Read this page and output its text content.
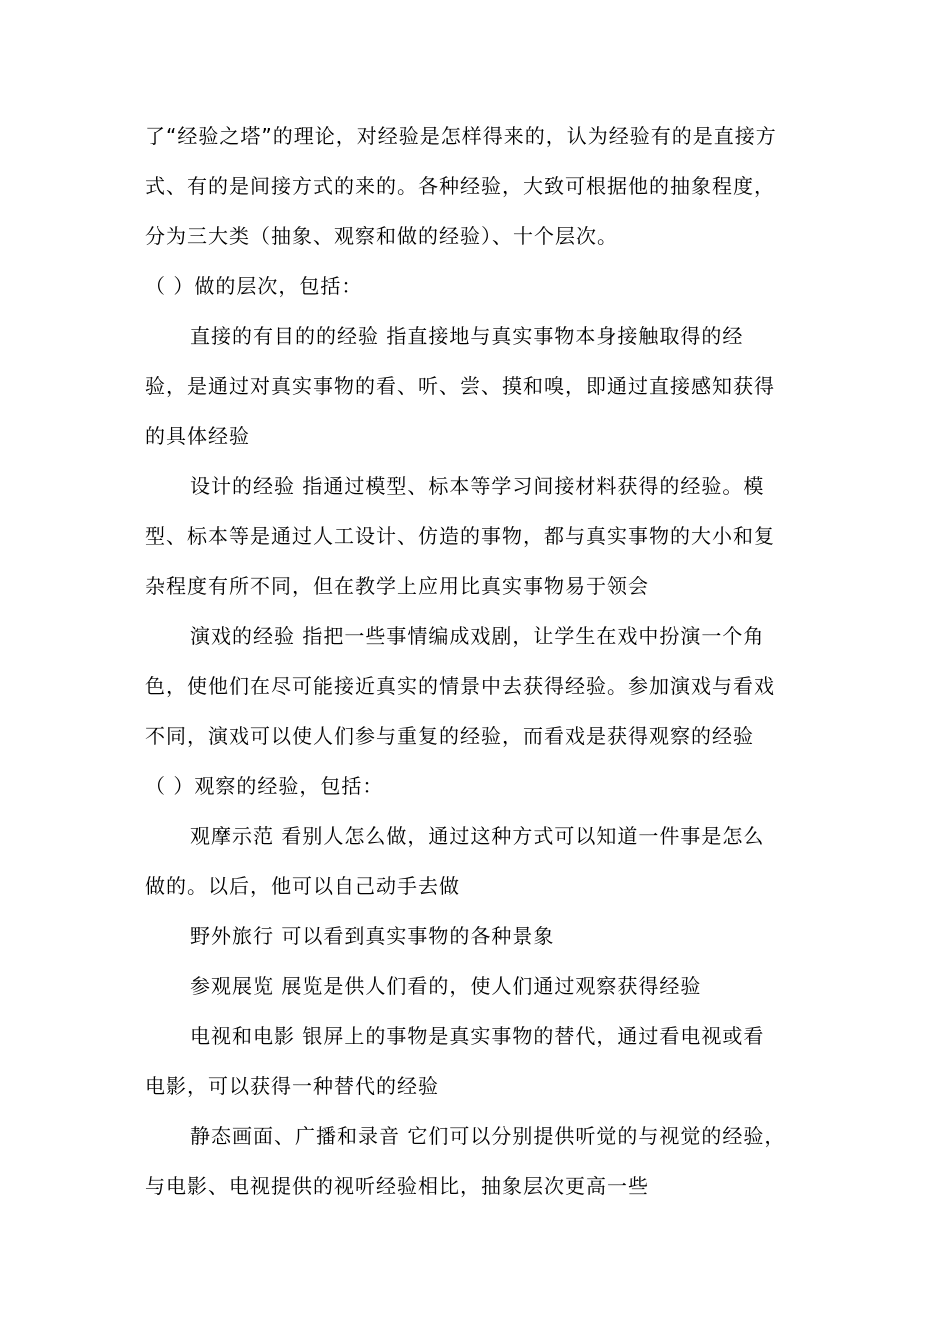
了“经验之塔”的理论，对经验是怎样得来的，认为经验有的是直接方
式、有的是间接方式的来的。各种经验，大致可根据他的抽象程度，
分为三大类（抽象、观察和做的经验）、十个层次。
（ ）做的层次，包括：
直接的有目的的经验 指直接地与真实事物本身接触取得的经
验，是通过对真实事物的看、听、尝、摸和嗅，即通过直接感知获得
的具体经验
设计的经验 指通过模型、标本等学习间接材料获得的经验。模
型、标本等是通过人工设计、仿造的事物，都与真实事物的大小和复
杂程度有所不同，但在教学上应用比真实事物易于领会
演戏的经验 指把一些事情编成戏剧，让学生在戏中扮演一个角
色，使他们在尽可能接近真实的情景中去获得经验。参加演戏与看戏
不同，演戏可以使人们参与重复的经验，而看戏是获得观察的经验
（ ）观察的经验，包括：
观摩示范 看别人怎么做，通过这种方式可以知道一件事是怎么
做的。以后，他可以自己动手去做
野外旅行 可以看到真实事物的各种景象
参观展览 展览是供人们看的，使人们通过观察获得经验
电视和电影 银屏上的事物是真实事物的替代，通过看电视或看
电影，可以获得一种替代的经验
静态画面、广播和录音 它们可以分别提供听觉的与视觉的经验，
与电影、电视提供的视听经验相比，抽象层次更高一些
